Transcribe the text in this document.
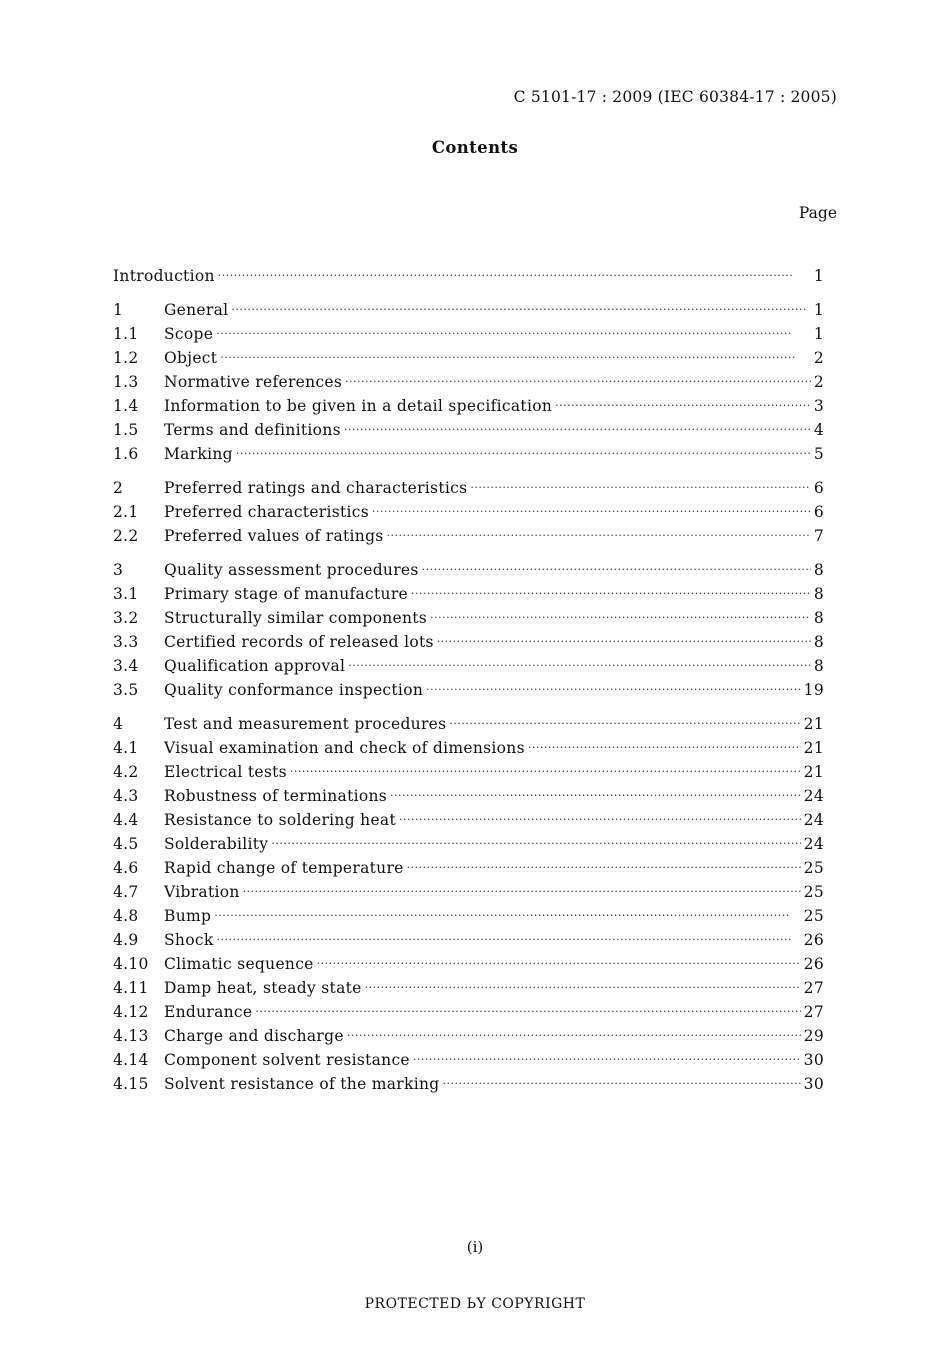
C 5101-17 : 2009 (IEC 60384-17 : 2005)
Contents
Page
Introduction ·····	1
1	General ·····	1
1.1	Scope ·····	1
1.2	Object ·····	2
1.3	Normative references ·····	2
1.4	Information to be given in a detail specification ·····	3
1.5	Terms and definitions ·····	4
1.6	Marking ·····	5
2	Preferred ratings and characteristics ·····	6
2.1	Preferred characteristics ·····	6
2.2	Preferred values of ratings ·····	7
3	Quality assessment procedures ·····	8
3.1	Primary stage of manufacture ·····	8
3.2	Structurally similar components ·····	8
3.3	Certified records of released lots ·····	8
3.4	Qualification approval ·····	8
3.5	Quality conformance inspection ·····	19
4	Test and measurement procedures ·····	21
4.1	Visual examination and check of dimensions ·····	21
4.2	Electrical tests ·····	21
4.3	Robustness of terminations ·····	24
4.4	Resistance to soldering heat ·····	24
4.5	Solderability ·····	24
4.6	Rapid change of temperature ·····	25
4.7	Vibration ·····	25
4.8	Bump ·····	25
4.9	Shock ·····	26
4.10 Climatic sequence ·····	26
4.11 Damp heat, steady state ·····	27
4.12 Endurance ·····	27
4.13 Charge and discharge ·····	29
4.14 Component solvent resistance ·····	30
4.15 Solvent resistance of the marking ·····	30
(i)
PROTECTED ЬY COPYRIGHT
